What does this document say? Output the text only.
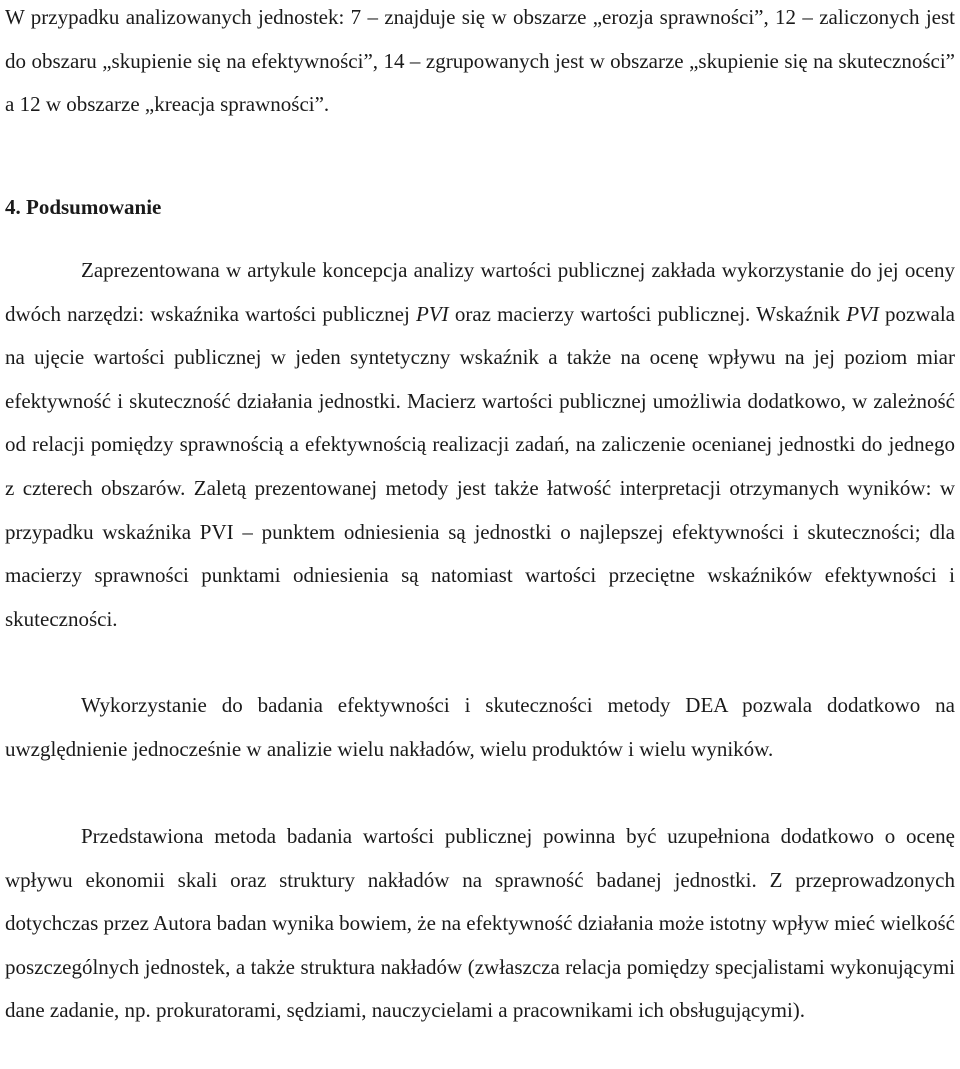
W przypadku analizowanych jednostek: 7 – znajduje się w obszarze „erozja sprawności”, 12 – zaliczonych jest do obszaru „skupienie się na efektywności”, 14 – zgrupowanych jest w obszarze „skupienie się na skuteczności” a 12 w obszarze „kreacja sprawności”.

4. Podsumowanie

Zaprezentowana w artykule koncepcja analizy wartości publicznej zakłada wykorzystanie do jej oceny dwóch narzędzi: wskaźnika wartości publicznej PVI oraz macierzy wartości publicznej. Wskaźnik PVI pozwala na ujęcie wartości publicznej w jeden syntetyczny wskaźnik a także na ocenę wpływu na jej poziom miar efektywność i skuteczność działania jednostki. Macierz wartości publicznej umożliwia dodatkowo, w zależność od relacji pomiędzy sprawnością a efektywnością realizacji zadań, na zaliczenie ocenianej jednostki do jednego z czterech obszarów. Zaletą prezentowanej metody jest także łatwość interpretacji otrzymanych wyników: w przypadku wskaźnika PVI – punktem odniesienia są jednostki o najlepszej efektywności i skuteczności; dla macierzy sprawności punktami odniesienia są natomiast wartości przeciętne wskaźników efektywności i skuteczności.

Wykorzystanie do badania efektywności i skuteczności metody DEA pozwala dodatkowo na uwzględnienie jednocześnie w analizie wielu nakładów, wielu produktów i wielu wyników.

Przedstawiona metoda badania wartości publicznej powinna być uzupełniona dodatkowo o ocenę wpływu ekonomii skali oraz struktury nakładów na sprawność badanej jednostki. Z przeprowadzonych dotychczas przez Autora badan wynika bowiem, że na efektywność działania może istotny wpływ mieć wielkość poszczególnych jednostek, a także struktura nakładów (zwłaszcza relacja pomiędzy specjalistami wykonującymi dane zadanie, np. prokuratorami, sędziami, nauczycielami a pracownikami ich obsługującymi).
